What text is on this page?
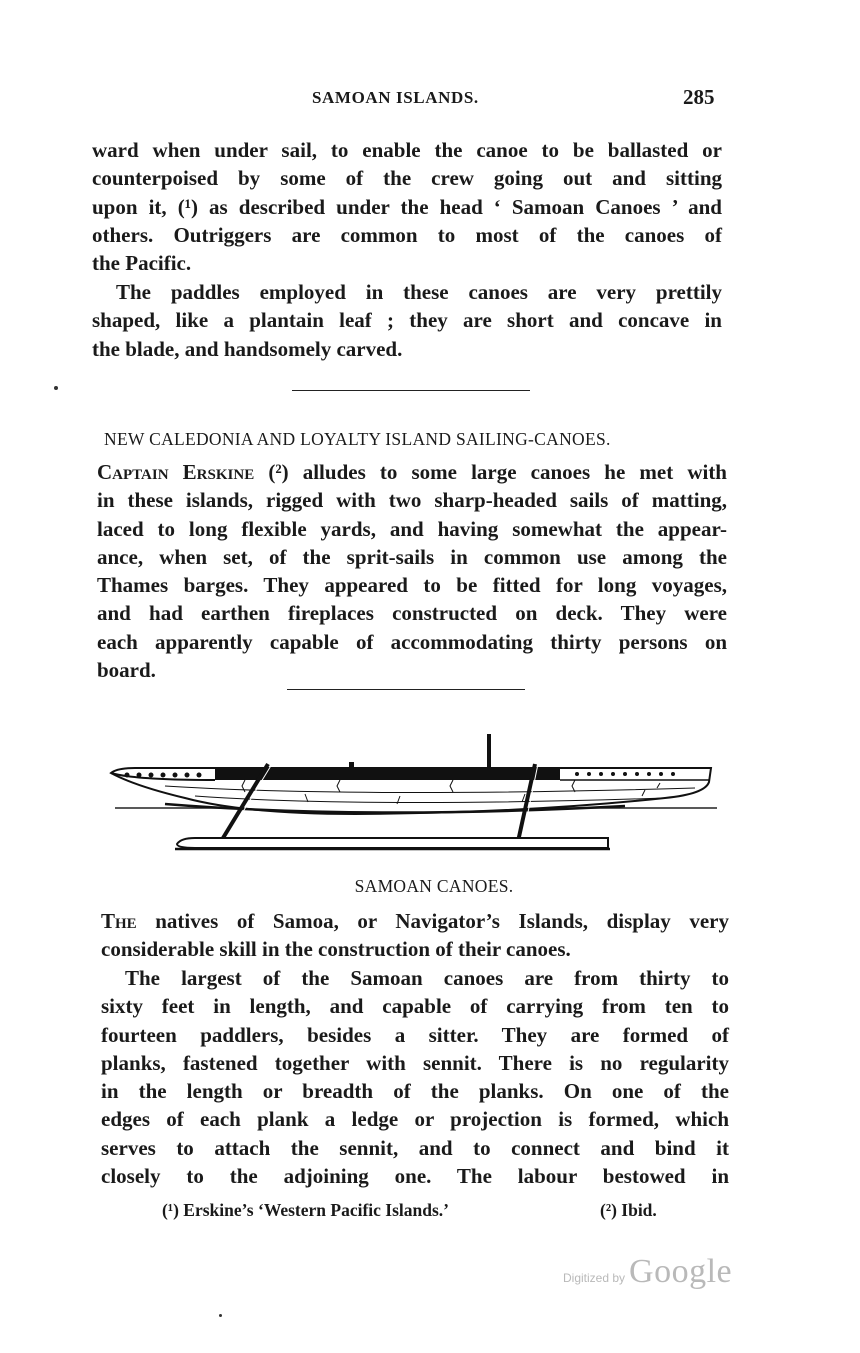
SAMOAN ISLANDS.	285
ward when under sail, to enable the canoe to be ballasted or
counterpoised by some of the crew going out and sitting
upon it, (¹) as described under the head ‘ Samoan Canoes ’ and
others. Outriggers are common to most of the canoes of
the Pacific.
The paddles employed in these canoes are very prettily
shaped, like a plantain leaf ; they are short and concave in
the blade, and handsomely carved.
NEW CALEDONIA AND LOYALTY ISLAND SAILING-CANOES.
Captain Erskine (²) alludes to some large canoes he met with
in these islands, rigged with two sharp-headed sails of matting,
laced to long flexible yards, and having somewhat the appear-
ance, when set, of the sprit-sails in common use among the
Thames barges. They appeared to be fitted for long voyages,
and had earthen fireplaces constructed on deck. They were
each apparently capable of accommodating thirty persons on
board.
SAMOAN CANOES.
The natives of Samoa, or Navigator’s Islands, display very
considerable skill in the construction of their canoes.
The largest of the Samoan canoes are from thirty to
sixty feet in length, and capable of carrying from ten to
fourteen paddlers, besides a sitter. They are formed of
planks, fastened together with sennit. There is no regularity
in the length or breadth of the planks. On one of the
edges of each plank a ledge or projection is formed, which
serves to attach the sennit, and to connect and bind it
closely to the adjoining one. The labour bestowed in
(¹) Erskine’s ‘Western Pacific Islands.’	(²) Ibid.
Digitized by Google
